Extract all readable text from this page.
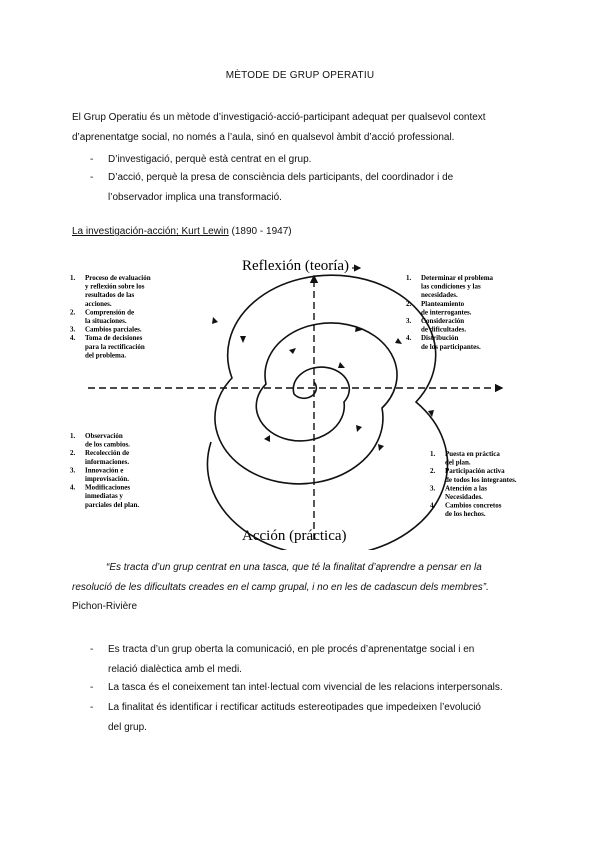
MÈTODE DE GRUP OPERATIU
El Grup Operatiu és un mètode d’investigació-acció-participant adequat per qualsevol context
d’aprenentatge social, no només a l’aula, sinó en qualsevol àmbit d’acció professional.
- D’investigació, perquè està centrat en el grup.
- D’acció, perquè la presa de consciència dels participants, del coordinador i de
l’observador implica una transformació.
La investigación-acción; Kurt Lewin (1890 - 1947)
Reflexión (teoría)
Acción (práctica)
1. Proceso de evaluación
y reflexión sobre los
resultados de las
acciones.
2. Comprensión de
la situaciones.
3. Cambios parciales.
4. Toma de decisiones
para la rectificación
del problema.
1. Determinar el problema
las condiciones y las
necesidades.
2. Planteamiento
de interrogantes.
3. Consideración
de dificultades.
4. Distribución
de los participantes.
1. Observación
de los cambios.
2. Recolección de
informaciones.
3. Innovación e
improvisación.
4. Modificaciones
inmediatas y
parciales del plan.
1. Puesta en práctica
del plan.
2. Participación activa
de todos los integrantes.
3. Atención a las
Necesidades.
4. Cambios concretos
de los hechos.
“Es tracta d’un grup centrat en una tasca, que té la finalitat d’aprendre a pensar en la
resolució de les dificultats creades en el camp grupal, i no en les de cadascun dels membres”.
Pichon-Rivière
- Es tracta d’un grup oberta la comunicació, en ple procés d’aprenentatge social i en
relació dialèctica amb el medi.
- La tasca és el coneixement tan intel·lectual com vivencial de les relacions interpersonals.
- La finalitat és identificar i rectificar actituds estereotipades que impedeixen l’evolució
del grup.
